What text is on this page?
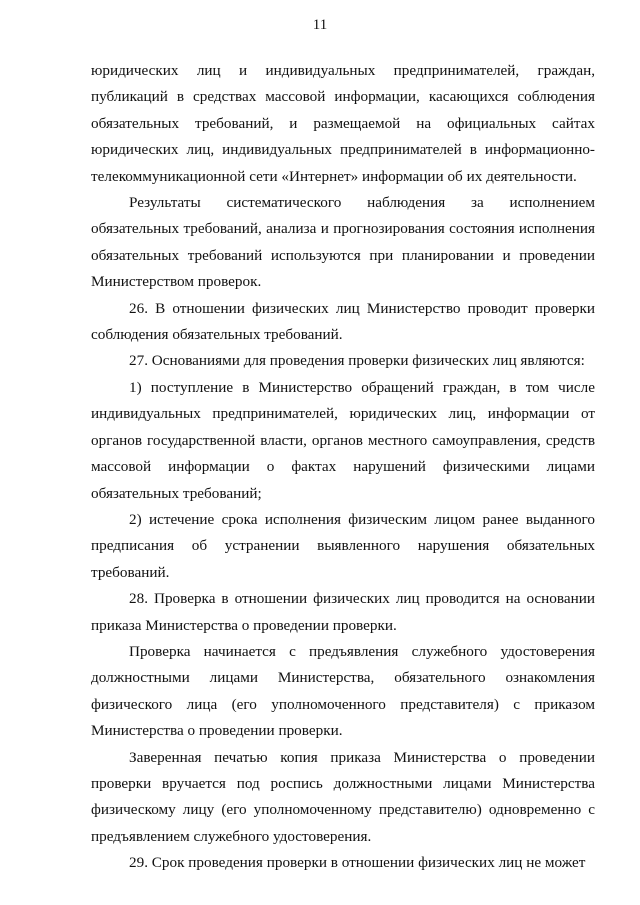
11

юридических лиц и индивидуальных предпринимателей, граждан, публикаций в средствах массовой информации, касающихся соблюдения обязательных требований, и размещаемой на официальных сайтах юридических лиц, индивидуальных предпринимателей в информационно-телекоммуникационной сети «Интернет» информации об их деятельности.

Результаты систематического наблюдения за исполнением обязательных требований, анализа и прогнозирования состояния исполнения обязательных требований используются при планировании и проведении Министерством проверок.

26. В отношении физических лиц Министерство проводит проверки соблюдения обязательных требований.

27. Основаниями для проведения проверки физических лиц являются:

1) поступление в Министерство обращений граждан, в том числе индивидуальных предпринимателей, юридических лиц, информации от органов государственной власти, органов местного самоуправления, средств массовой информации о фактах нарушений физическими лицами обязательных требований;

2) истечение срока исполнения физическим лицом ранее выданного предписания об устранении выявленного нарушения обязательных требований.

28. Проверка в отношении физических лиц проводится на основании приказа Министерства о проведении проверки.

Проверка начинается с предъявления служебного удостоверения должностными лицами Министерства, обязательного ознакомления физического лица (его уполномоченного представителя) с приказом Министерства о проведении проверки.

Заверенная печатью копия приказа Министерства о проведении проверки вручается под роспись должностными лицами Министерства физическому лицу (его уполномоченному представителю) одновременно с предъявлением служебного удостоверения.

29. Срок проведения проверки в отношении физических лиц не может
